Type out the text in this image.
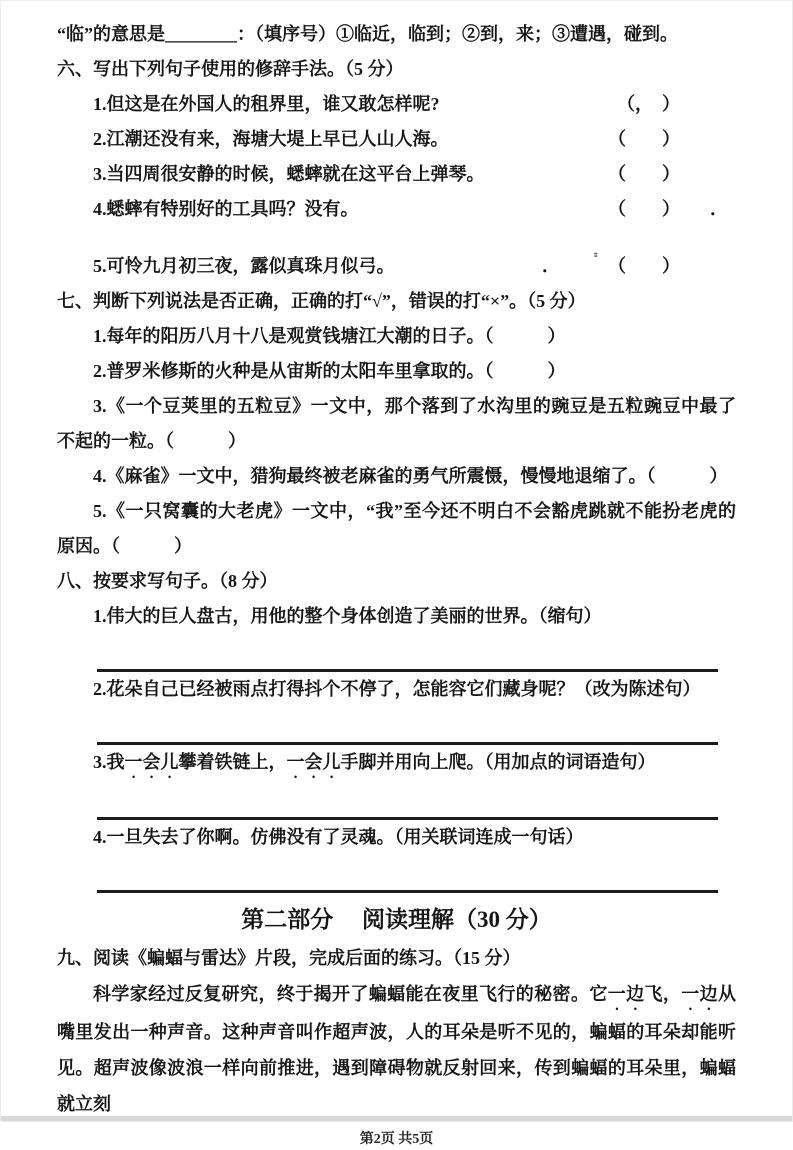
“临”的意思是________：（填序号）①临近，临到；②到，来；③遭遇，碰到。

六、写出下列句子使用的修辞手法。（5 分）

1.但这是在外国人的租界里，谁又敢怎样呢?	（，　）
2.江潮还没有来，海塘大堤上早已人山人海。	（　　）
3.当四周很安静的时候，蟋蟀就在这平台上弹琴。	（　　）
4.蟋蟀有特别好的工具吗？没有。	（　　） ．
5.可怜九月初三夜，露似真珠月似弓。	．	（　　）

七、判断下列说法是否正确，正确的打“√”，错误的打“×”。（5 分）

1.每年的阳历八月十八是观赏钱塘江大潮的日子。（　　　）

2.普罗米修斯的火种是从宙斯的太阳车里拿取的。（　　　）

3.《一个豆荚里的五粒豆》一文中，那个落到了水沟里的豌豆是五粒豌豆中最了不起的一粒。（　　　）

4.《麻雀》一文中，猎狗最终被老麻雀的勇气所震慑，慢慢地退缩了。（　　　）

5.《一只窝囊的大老虎》一文中，“我”至今还不明白不会豁虎跳就不能扮老虎的原因。（　　　）

八、按要求写句子。（8 分）

1.伟大的巨人盘古，用他的整个身体创造了美丽的世界。（缩句）

2.花朵自己已经被雨点打得抖个不停了，怎能容它们藏身呢？（改为陈述句）

3.我一会儿攀着铁链上，一会儿手脚并用向上爬。（用加点的词语造句）

4.一旦失去了你啊。仿佛没有了灵魂。（用关联词连成一句话）

第二部分　 阅读理解（30 分）

九、阅读《蝙蝠与雷达》片段，完成后面的练习。（15 分）

科学家经过反复研究，终于揭开了蝙蝠能在夜里飞行的秘密。它一边飞，一边从嘴里发出一种声音。这种声音叫作超声波，人的耳朵是听不见的，蝙蝠的耳朵却能听见。超声波像波浪一样向前推进，遇到障碍物就反射回来，传到蝙蝠的耳朵里，蝙蝠就立刻

第2页 共5页

⹀
